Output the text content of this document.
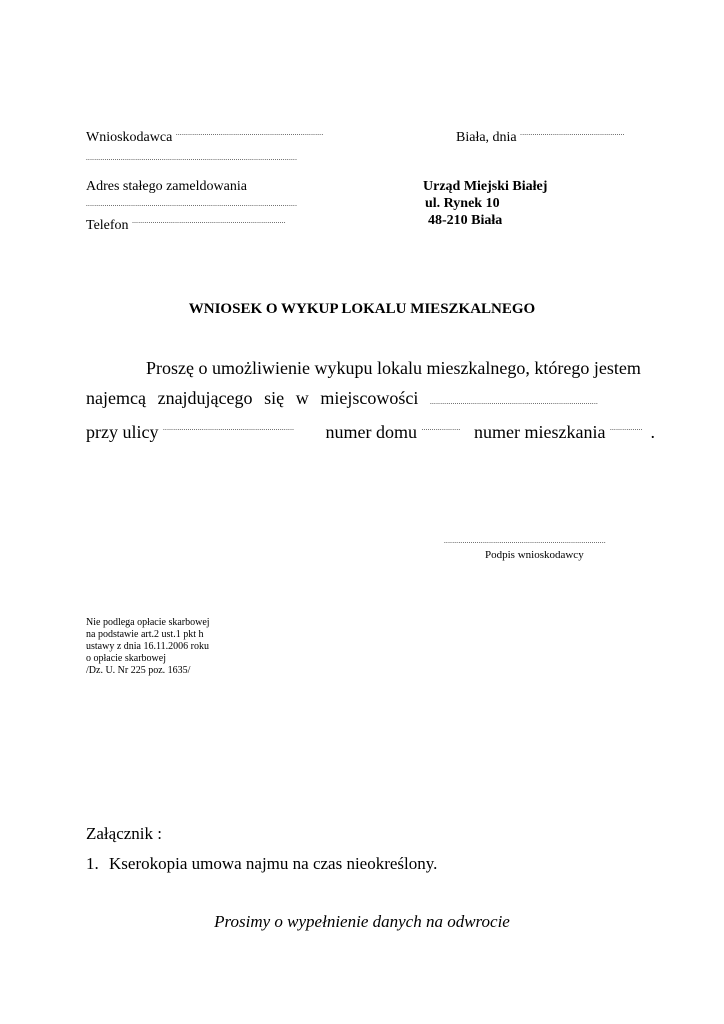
Wnioskodawca ........................................................................
.......................................................................................................
Adres stałego zameldowania
.......................................................................................................
Telefon ...........................................................................
Biała, dnia ...................................................
Urząd Miejski Białej
ul. Rynek 10
48-210 Biała
WNIOSEK O WYKUP LOKALU MIESZKALNEGO
Proszę o umożliwienie wykupu lokalu mieszkalnego, którego jestem
najemcą znajdującego się w miejscowości ..................................................................................
przy ulicy ................................................................ numer domu ................... numer mieszkania ................ .
...............................................................................
Podpis wnioskodawcy
Nie podlega opłacie skarbowej
na podstawie art.2 ust.1 pkt h
ustawy z dnia 16.11.2006 roku
o opłacie skarbowej
/Dz. U. Nr 225 poz. 1635/
Załącznik :
1. Kserokopia umowa najmu na czas nieokreślony.
Prosimy o wypełnienie danych na odwrocie
